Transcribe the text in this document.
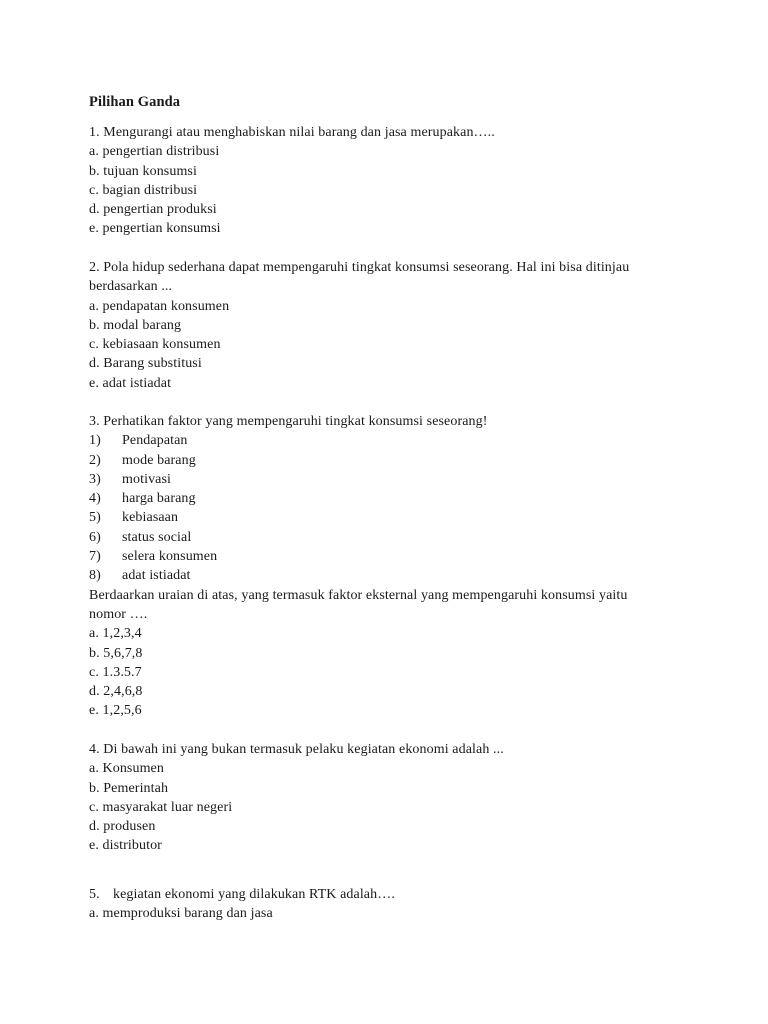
Pilihan Ganda

1. Mengurangi atau menghabiskan nilai barang dan jasa merupakan…..
a. pengertian distribusi
b. tujuan konsumsi
c. bagian distribusi
d. pengertian produksi
e. pengertian konsumsi
2. Pola hidup sederhana dapat mempengaruhi tingkat konsumsi seseorang. Hal ini bisa ditinjau
berdasarkan ...
a. pendapatan konsumen
b. modal barang
c. kebiasaan konsumen
d. Barang substitusi
e. adat istiadat
3. Perhatikan faktor yang mempengaruhi tingkat konsumsi seseorang!
1) Pendapatan
2) mode barang
3) motivasi
4) harga barang
5) kebiasaan
6) status social
7) selera konsumen
8) adat istiadat
Berdaarkan uraian di atas, yang termasuk faktor eksternal yang mempengaruhi konsumsi yaitu
nomor ….
a. 1,2,3,4
b. 5,6,7,8
c. 1.3.5.7
d. 2,4,6,8
e. 1,2,5,6
4. Di bawah ini yang bukan termasuk pelaku kegiatan ekonomi adalah ...
a. Konsumen
b. Pemerintah
c. masyarakat luar negeri
d. produsen
e. distributor
5. kegiatan ekonomi yang dilakukan RTK adalah….
a. memproduksi barang dan jasa
